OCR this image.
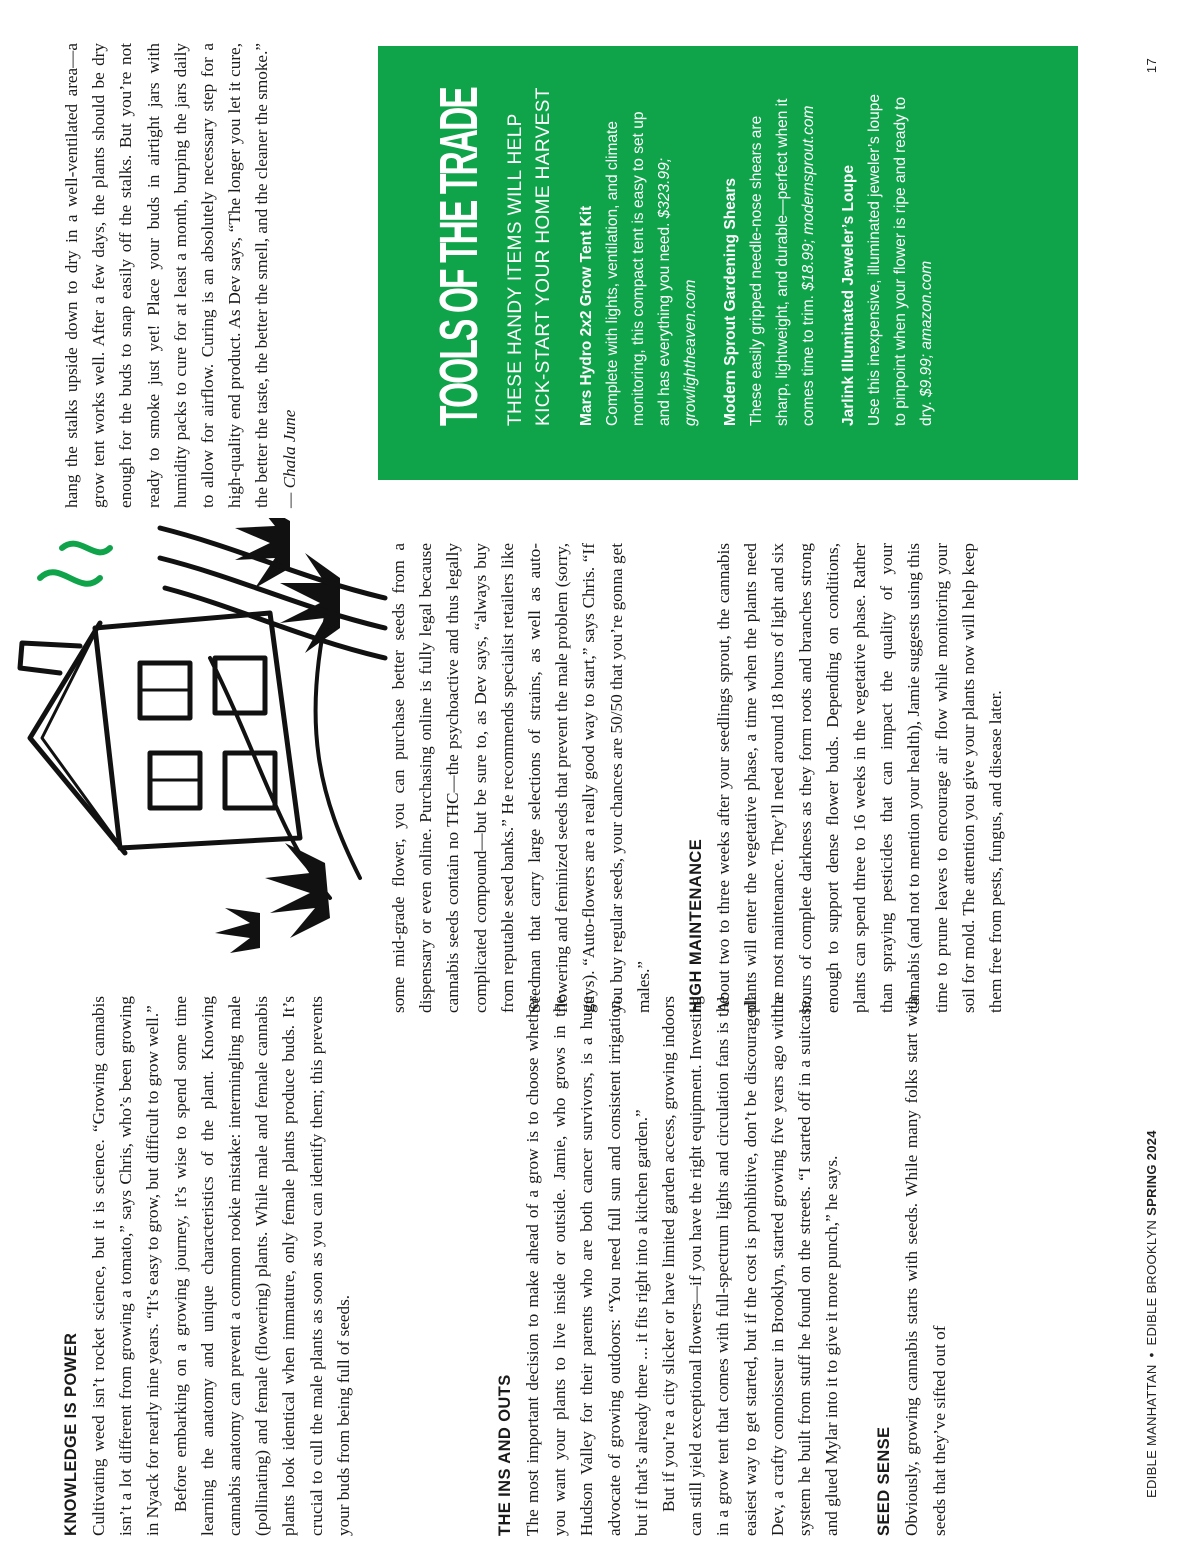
KNOWLEDGE IS POWER Cultivating weed isn’t rocket science, but it is science. “Growing cannabis isn’t a lot different from growing a tomato,” says Chris, who’s been growing in Nyack for nearly nine years. “It’s easy to grow, but difficult to grow well.” Before embarking on a growing journey, it’s wise to spend some time learning the anatomy and unique characteristics of the plant. Knowing cannabis anatomy can prevent a common rookie mistake: intermingling male (pollinating) and female (flowering) plants. While male and female cannabis plants look identical when immature, only female plants produce buds. It’s crucial to cull the male plants as soon as you can identify them; this prevents your buds from being full of seeds.	THE INS AND OUTS The most important decision to make ahead of a grow is to choose whether you want your plants to live inside or outside. Jamie, who grows in the Hudson Valley for their parents who are both cancer survivors, is a huge advocate of growing outdoors: “You need full sun and consistent irrigation, but if that’s already there ... it fits right into a kitchen garden.” But if you’re a city slicker or have limited garden access, growing indoors can still yield exceptional flowers—if you have the right equipment. Investing in a grow tent that comes with full-spectrum lights and circulation fans is the easiest way to get started, but if the cost is prohibitive, don’t be discouraged! Dev, a crafty connoisseur in Brooklyn, started growing five years ago with a system he built from stuff he found on the streets. “I started off in a suitcase, and glued Mylar into it to give it more punch,” he says. SEED SENSE Obviously, growing cannabis starts with seeds. While many folks start with seeds that they’ve sifted out of

some mid-grade flower, you can purchase better seeds from a dispensary or even online. Purchasing online is fully legal because cannabis seeds contain no THC—the psychoactive and thus legally complicated compound—but be sure to, as Dev says, “always buy from reputable seed banks.” He recommends specialist retailers like Seedman that carry large selections of strains, as well as auto-flowering and feminized seeds that prevent the male problem (sorry, guys). “Auto-flowers are a really good way to start,” says Chris. “If you buy regular seeds, your chances are 50/50 that you’re gonna get males.” HIGH MAINTENANCE About two to three weeks after your seedlings sprout, the cannabis plants will enter the vegetative phase, a time when the plants need the most maintenance. They’ll need around 18 hours of light and six hours of complete darkness as they form roots and branches strong enough to support dense flower buds. Depending on conditions, plants can spend three to 16 weeks in the vegetative phase. Rather than spraying pesticides that can impact the quality of your cannabis (and not to mention your health), Jamie suggests using this time to prune leaves to encourage air flow while monitoring your soil for mold. The attention you give your plants now will help keep them free from pests, fungus, and disease later.

hang the stalks upside down to dry in a well-ventilated area—a grow tent works well. After a few days, the plants should be dry enough for the buds to snap easily off the stalks. But you’re not ready to smoke just yet! Place your buds in airtight jars with humidity packs to cure for at least a month, burping the jars daily to allow for airflow. Curing is an absolutely necessary step for a high-quality end product. As Dev says, “The longer you let it cure, the better the taste, the better the smell, and the cleaner the smoke.” — Chala June

TOOLS OF THE TRADE THESE HANDY ITEMS WILL HELP KICK-START YOUR HOME HARVEST Mars Hydro 2x2 Grow Tent Kit Complete with lights, ventilation, and climate monitoring, this compact tent is easy to set up and has everything you need. $323.99; growlightheaven.com	Modern Sprout Gardening Shears These easily gripped needle-nose shears are sharp, lightweight, and durable—perfect when it comes time to trim. $18.99; modernsprout.com	Jarlink Illuminated Jeweler’s Loupe Use this inexpensive, illuminated jeweler’s loupe to pinpoint when your flower is ripe and ready to dry. $9.99; amazon.com
EDIBLE MANHATTAN
•
EDIBLE BROOKLYN
SPRING 2024
17
